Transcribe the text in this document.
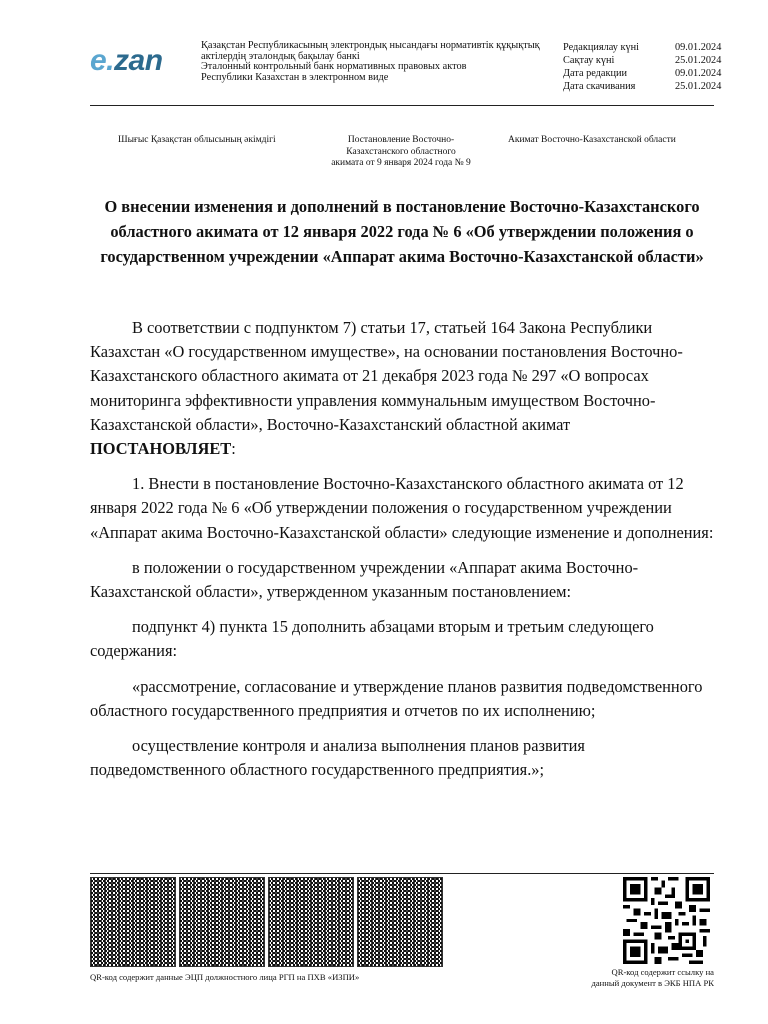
e.zan	Қазақстан Республикасының электрондық нысандағы нормативтік құқықтық
актілердің эталондық бақылау банкі
Эталонный контрольный банк нормативных правовых актов
Республики Казахстан в электронном виде
Редакциялау күні	09.01.2024
Сақтау күні	25.01.2024
Дата редакции	09.01.2024
Дата скачивания	25.01.2024
Шығыс Қазақстан облысының әкімдігі	Постановление Восточно-
Казахстанского областного
акимата от 9 января 2024 года № 9
Акимат Восточно-Казахстанской области
О внесении изменения и дополнений в постановление Восточно-Казахстанского областного акимата от 12 января 2022 года № 6 «Об утверждении положения о государственном учреждении «Аппарат акима Восточно-Казахстанской области»

В соответствии с подпунктом 7) статьи 17, статьей 164 Закона Республики Казахстан «О государственном имуществе», на основании постановления Восточно-Казахстанского областного акимата от 21 декабря 2023 года № 297 «О вопросах мониторинга эффективности управления коммунальным имуществом Восточно-Казахстанской области», Восточно-Казахстанский областной акимат ПОСТАНОВЛЯЕТ:

1. Внести в постановление Восточно-Казахстанского областного акимата от 12 января 2022 года № 6 «Об утверждении положения о государственном учреждении «Аппарат акима Восточно-Казахстанской области» следующие изменение и дополнения:

в положении о государственном учреждении «Аппарат акима Восточно-Казахстанской области», утвержденном указанным постановлением:

подпункт 4) пункта 15 дополнить абзацами вторым и третьим следующего содержания:

«рассмотрение, согласование и утверждение планов развития подведомственного областного государственного предприятия и отчетов по их исполнению;

осуществление контроля и анализа выполнения планов развития подведомственного областного государственного предприятия.»;

QR-код содержит данные ЭЦП должностного лица РГП на ПХВ «ИЗПИ»	QR-код содержит ссылку на
данный документ в ЭКБ НПА РК
